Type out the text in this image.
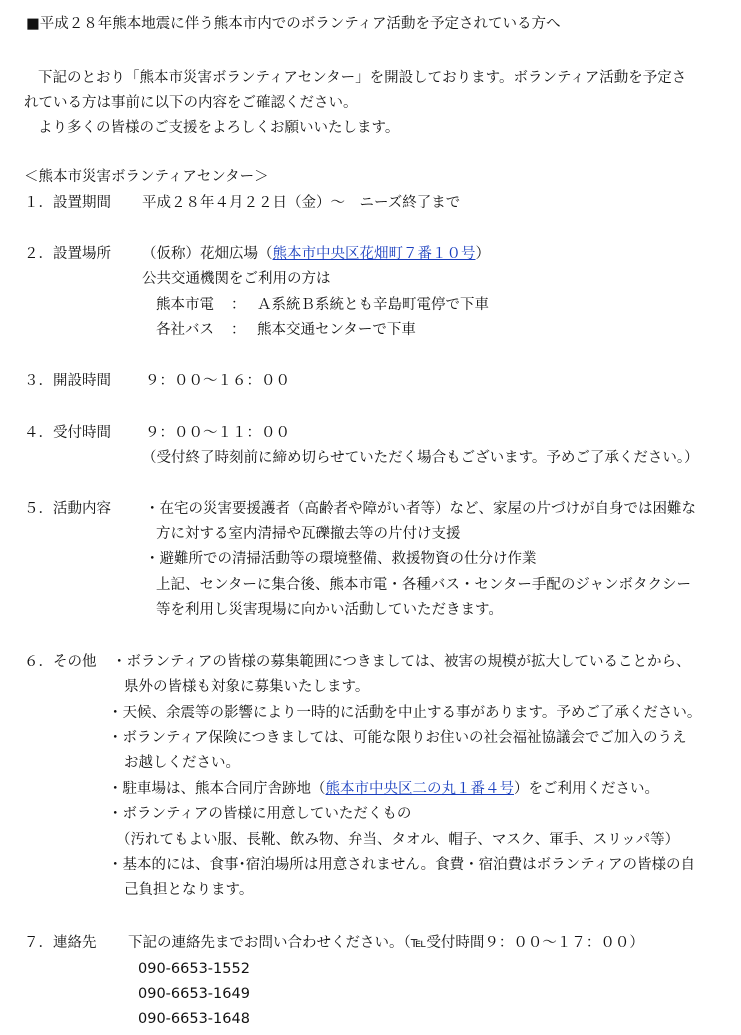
■平成２８年熊本地震に伴う熊本市内でのボランティア活動を予定されている方へ
下記のとおり「熊本市災害ボランティアセンター」を開設しております。ボランティア活動を予定さ
れている方は事前に以下の内容をご確認ください。
より多くの皆様のご支援をよろしくお願いいたします。
＜熊本市災害ボランティアセンター＞
１． 設置期間 平成２８年４月２２日（金）～　ニーズ終了まで
２． 設置場所 （仮称）花畑広場（熊本市中央区花畑町７番１０号）
公共交通機関をご利用の方は
熊本市電 ： Ａ系統Ｂ系統とも辛島町電停で下車
各社バス ： 熊本交通センターで下車
３． 開設時間 ９：００～１６：００
４． 受付時間 ９：００～１１：００
（受付終了時刻前に締め切らせていただく場合もございます。予めご了承ください。）
５． 活動内容 ・在宅の災害要援護者（高齢者や障がい者等）など、家屋の片づけが自身では困難な
方に対する室内清掃や瓦礫撤去等の片付け支援
・避難所での清掃活動等の環境整備、救援物資の仕分け作業
上記、センターに集合後、熊本市電・各種バス・センター手配のジャンボタクシー
等を利用し災害現場に向かい活動していただきます。
６． その他 ・ボランティアの皆様の募集範囲につきましては、被害の規模が拡大していることから、
県外の皆様も対象に募集いたします。
・天候、余震等の影響により一時的に活動を中止する事があります。予めご了承ください。
・ボランティア保険につきましては、可能な限りお住いの社会福祉協議会でご加入のうえ
お越しください。
・駐車場は、熊本合同庁舎跡地（熊本市中央区二の丸１番４号）をご利用ください。
・ボランティアの皆様に用意していただくもの
（汚れてもよい服、長靴、飲み物、弁当、タオル、帽子、マスク、軍手、スリッパ等）
・基本的には、食事･宿泊場所は用意されません。食費・宿泊費はボランティアの皆様の自
己負担となります。
７． 連絡先 下記の連絡先までお問い合わせください。（℡受付時間９：００～１７：００）
090-6653-1552
090-6653-1649
090-6653-1648
